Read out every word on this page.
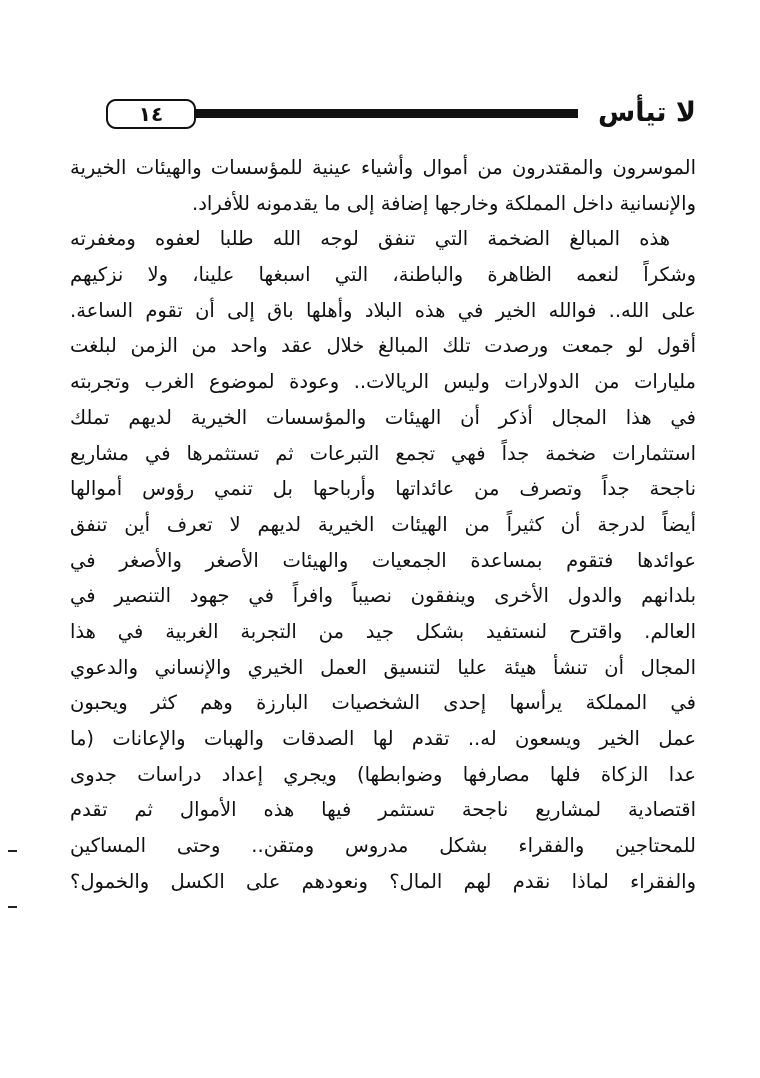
١٤	لا تيأس
الموسرون والمقتدرون من أموال وأشياء عينية للمؤسسات والهيئات الخيرية
والإنسانية داخل المملكة وخارجها إضافة إلى ما يقدمونه للأفراد.
هذه المبالغ الضخمة التي تنفق لوجه الله طلبا لعفوه ومغفرته
وشكراً لنعمه الظاهرة والباطنة، التي اسبغها علينا، ولا نزكيهم
على الله.. فوالله الخير في هذه البلاد وأهلها باق إلى أن تقوم الساعة.
أقول لو جمعت ورصدت تلك المبالغ خلال عقد واحد من الزمن لبلغت
مليارات من الدولارات وليس الريالات.. وعودة لموضوع الغرب وتجربته
في هذا المجال أذكر أن الهيئات والمؤسسات الخيرية لديهم تملك
استثمارات ضخمة جداً فهي تجمع التبرعات ثم تستثمرها في مشاريع
ناجحة جداً وتصرف من عائداتها وأرباحها بل تنمي رؤوس أموالها
أيضاً لدرجة أن كثيراً من الهيئات الخيرية لديهم لا تعرف أين تنفق
عوائدها فتقوم بمساعدة الجمعيات والهيئات الأصغر والأصغر في
بلدانهم والدول الأخرى وينفقون نصيباً وافراً في جهود التنصير في
العالم. واقترح لنستفيد بشكل جيد من التجربة الغربية في هذا
المجال أن تنشأ هيئة عليا لتنسيق العمل الخيري والإنساني والدعوي
في المملكة يرأسها إحدى الشخصيات البارزة وهم كثر ويحبون
عمل الخير ويسعون له.. تقدم لها الصدقات والهبات والإعانات (ما
عدا الزكاة فلها مصارفها وضوابطها) ويجري إعداد دراسات جدوى
اقتصادية لمشاريع ناجحة تستثمر فيها هذه الأموال ثم تقدم
للمحتاجين والفقراء بشكل مدروس ومتقن.. وحتى المساكين
والفقراء لماذا نقدم لهم المال؟ ونعودهم على الكسل والخمول؟
